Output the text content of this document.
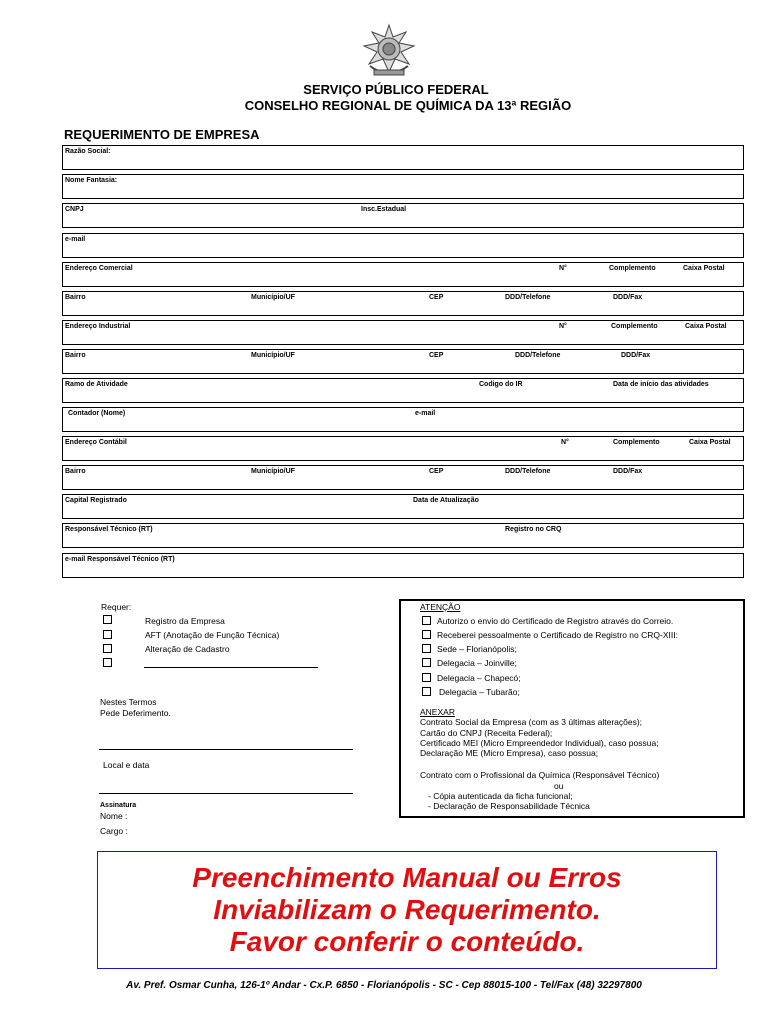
SERVIÇO PÚBLICO FEDERAL
CONSELHO REGIONAL DE QUÍMICA DA 13ª REGIÃO
REQUERIMENTO DE EMPRESA
Razão Social:
Nome Fantasia:
CNPJ	Insc.Estadual
e-mail
Endereço Comercial	N°	Complemento	Caixa Postal
Bairro	Município/UF	CEP	DDD/Telefone	DDD/Fax
Endereço Industrial	N°	Complemento	Caixa Postal
Bairro	Município/UF	CEP	DDD/Telefone	DDD/Fax
Ramo de Atividade	Codigo do IR	Data de início das atividades
Contador (Nome)	e-mail
Endereço Contábil	N°	Complemento	Caixa Postal
Bairro	Município/UF	CEP	DDD/Telefone	DDD/Fax
Capital Registrado	Data de Atualização
Responsável Técnico (RT)	Registro no CRQ
e-mail Responsável Técnico (RT)
Requer:
Registro da Empresa
AFT (Anotação de Função Técnica)
Alteração de Cadastro
Nestes Termos
Pede Deferimento.
Local e data
Assinatura
Nome :
Cargo :
ATENÇÃO
Autorizo o envio do Certificado de Registro através do Correio.
Receberei pessoalmente o Certificado de Registro no CRQ-XIII:
Sede – Florianópolis;
Delegacia – Joinville;
Delegacia – Chapecó;
Delegacia – Tubarão;
ANEXAR
Contrato Social da Empresa (com as 3 últimas alterações);
Cartão do CNPJ (Receita Federal);
Certificado MEI (Micro Empreendedor Individual), caso possua;
Declaração ME (Micro Empresa), caso possua;
Contrato com o Profissional da Química (Responsável Técnico)
ou
- Cópia autenticada da ficha funcional;
- Declaração de Responsabilidade Técnica
Preenchimento Manual ou Erros
Inviabilizam o Requerimento.
Favor conferir o conteúdo.
Av. Pref. Osmar Cunha, 126-1º Andar - Cx.P. 6850 - Florianópolis - SC - Cep 88015-100 - Tel/Fax (48) 32297800
